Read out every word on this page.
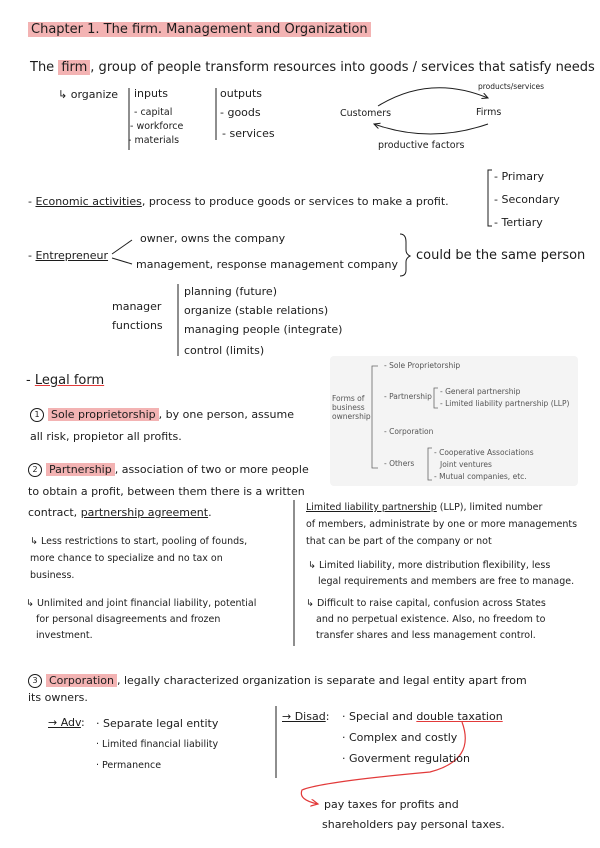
Chapter 1. The firm. Management and Organization
The firm , group of people transform resources into goods / services that satisfy needs
↳ organize inputs
- capital
- workforce
- materials
outputs
- goods
- services
products/services
Customers	Firms
productive factors
- Economic activities, process to produce goods or services to make a profit.
- Primary
- Secondary
- Tertiary
- Entrepreneur
owner, owns the company
management, response management company
could be the same person
manager
functions
planning (future)
organize (stable relations)
managing people (integrate)
control (limits)
- Legal form
Forms of business ownership
- Sole Proprietorship
- Partnership
- Corporation
- Others
- General partnership
- Limited liability partnership (LLP)
- Cooperative Associations
Joint ventures
- Mutual companies, etc.
1 Sole proprietorship , by one person, assume
all risk, propietor all profits.
2 Partnership , association of two or more people
to obtain a profit, between them there is a written
contract, partnership agreement.
↳ Less restrictions to start, pooling of founds,
more chance to specialize and no tax on
business.
↳ Unlimited and joint financial liability, potential
for personal disagreements and frozen
investment.
Limited liability partnership (LLP), limited number
of members, administrate by one or more managements
that can be part of the company or not
↳ Limited liability, more distribution flexibility, less
legal requirements and members are free to manage.
↳ Difficult to raise capital, confusion across States
and no perpetual existence. Also, no freedom to
transfer shares and less management control.
3 Corporation , legally characterized organization is separate and legal entity apart from
its owners.
→ Adv: · Separate legal entity
· Limited financial liability
· Permanence
→ Disad: · Special and double taxation
· Complex and costly
· Goverment regulation
pay taxes for profits and
shareholders pay personal taxes.
